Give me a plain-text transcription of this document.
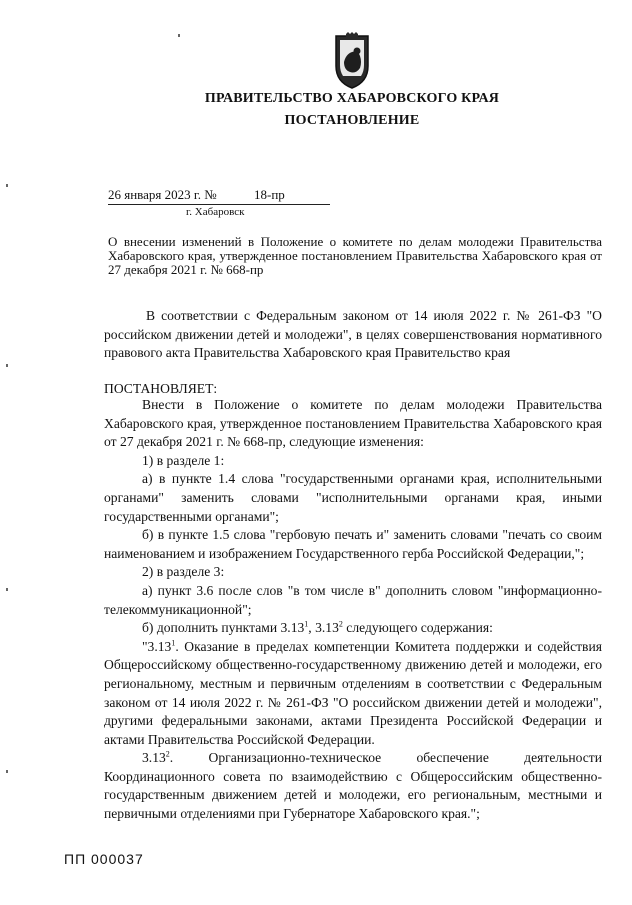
ПРАВИТЕЛЬСТВО ХАБАРОВСКОГО КРАЯ
ПОСТАНОВЛЕНИЕ
26 января 2023 г. №	18-пр
г. Хабаровск
О внесении изменений в Положение о комитете по делам молодежи Правительства Хабаровского края, утвержденное постановлением Правительства Хабаровского края от 27 декабря 2021 г. № 668-пр
В соответствии с Федеральным законом от 14 июля 2022 г. № 261-ФЗ "О российском движении детей и молодежи", в целях совершенствования нормативного правового акта Правительства Хабаровского края Правительство края
ПОСТАНОВЛЯЕТ:

Внести в Положение о комитете по делам молодежи Правительства Хабаровского края, утвержденное постановлением Правительства Хабаровского края от 27 декабря 2021 г. № 668-пр, следующие изменения:

1) в разделе 1:

а) в пункте 1.4 слова "государственными органами края, исполнительными органами" заменить словами "исполнительными органами края, иными государственными органами";

б) в пункте 1.5 слова "гербовую печать и" заменить словами "печать со своим наименованием и изображением Государственного герба Российской Федерации,";

2) в разделе 3:

а) пункт 3.6 после слов "в том числе в" дополнить словом "информационно-телекоммуникационной";

б) дополнить пунктами 3.13$^1$, 3.13$^2$ следующего содержания:

"3.13$^1$. Оказание в пределах компетенции Комитета поддержки и содействия Общероссийскому общественно-государственному движению детей и молодежи, его региональному, местным и первичным отделениям в соответствии с Федеральным законом от 14 июля 2022 г. № 261-ФЗ "О российском движении детей и молодежи", другими федеральными законами, актами Президента Российской Федерации и актами Правительства Российской Федерации.

3.13$^2$. Организационно-техническое обеспечение деятельности Координационного совета по взаимодействию с Общероссийским общественно-государственным движением детей и молодежи, его региональным, местными и первичными отделениями при Губернаторе Хабаровского края.";

ПП 000037
